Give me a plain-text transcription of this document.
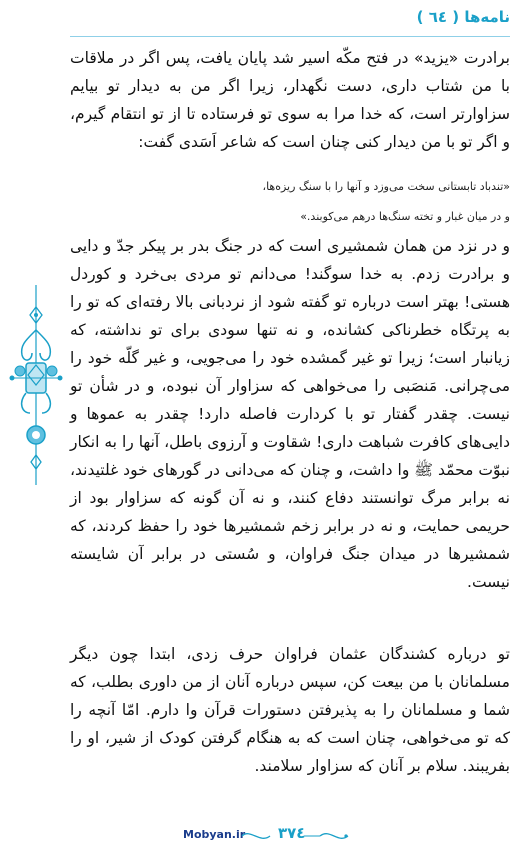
نامه‌ها ( ٦٤ )
برادرت «یزید» در فتح مکّه اسیر شد پایان یافت، پس اگر در ملاقات با من شتاب داری، دست نگهدار، زیرا اگر من به دیدار تو بیایم سزاوارتر است، که خدا مرا به سوی تو فرستاده تا از تو انتقام گیرم، و اگر تو با من دیدار کنی چنان است که شاعر اَسَدی گفت:
«تندباد تابستانی سخت می‌وزد و آنها را با سنگ ریزه‌ها،
و در میان غبار و تخته سنگ‌ها درهم می‌کوبند.»
و در نزد من همان شمشیری است که در جنگ بدر بر پیکر جدّ و دایی و برادرت زدم. به خدا سوگند! می‌دانم تو مردی بی‌خرد و کوردل هستی! بهتر است درباره تو گفته شود از نردبانی بالا رفته‌ای که تو را به پرتگاه خطرناکی کشانده، و نه تنها سودی برای تو نداشته، که زیانبار است؛ زیرا تو غیر گمشده خود را می‌جویی، و غیر گلّه خود را می‌چرانی. مَنصَبی را می‌خواهی که سزاوار آن نبوده، و در شأن تو نیست. چقدر گفتار تو با کردارت فاصله دارد! چقدر به عموها و دایی‌های کافرت شباهت داری! شقاوت و آرزوی باطل، آنها را به انکار نبوّت محمّد ﷺ وا داشت، و چنان که می‌دانی در گورهای خود غلتیدند، نه برابر مرگ توانستند دفاع کنند، و نه آن گونه که سزاوار بود از حریمی حمایت، و نه در برابر زخم شمشیرها خود را حفظ کردند، که شمشیرها در میدان جنگ فراوان، و سُستی در برابر آن شایسته نیست.
تو درباره کشندگان عثمان فراوان حرف زدی، ابتدا چون دیگر مسلمانان با من بیعت کن، سپس درباره آنان از من داوری بطلب، که شما و مسلمانان را به پذیرفتن دستورات قرآن وا دارم. امّا آنچه را که تو می‌خواهی، چنان است که به هنگام گرفتن کودک از شیر، او را بفریبند. سلام بر آنان که سزاوار سلامند.
Mobyan.ir ٣٧٤
